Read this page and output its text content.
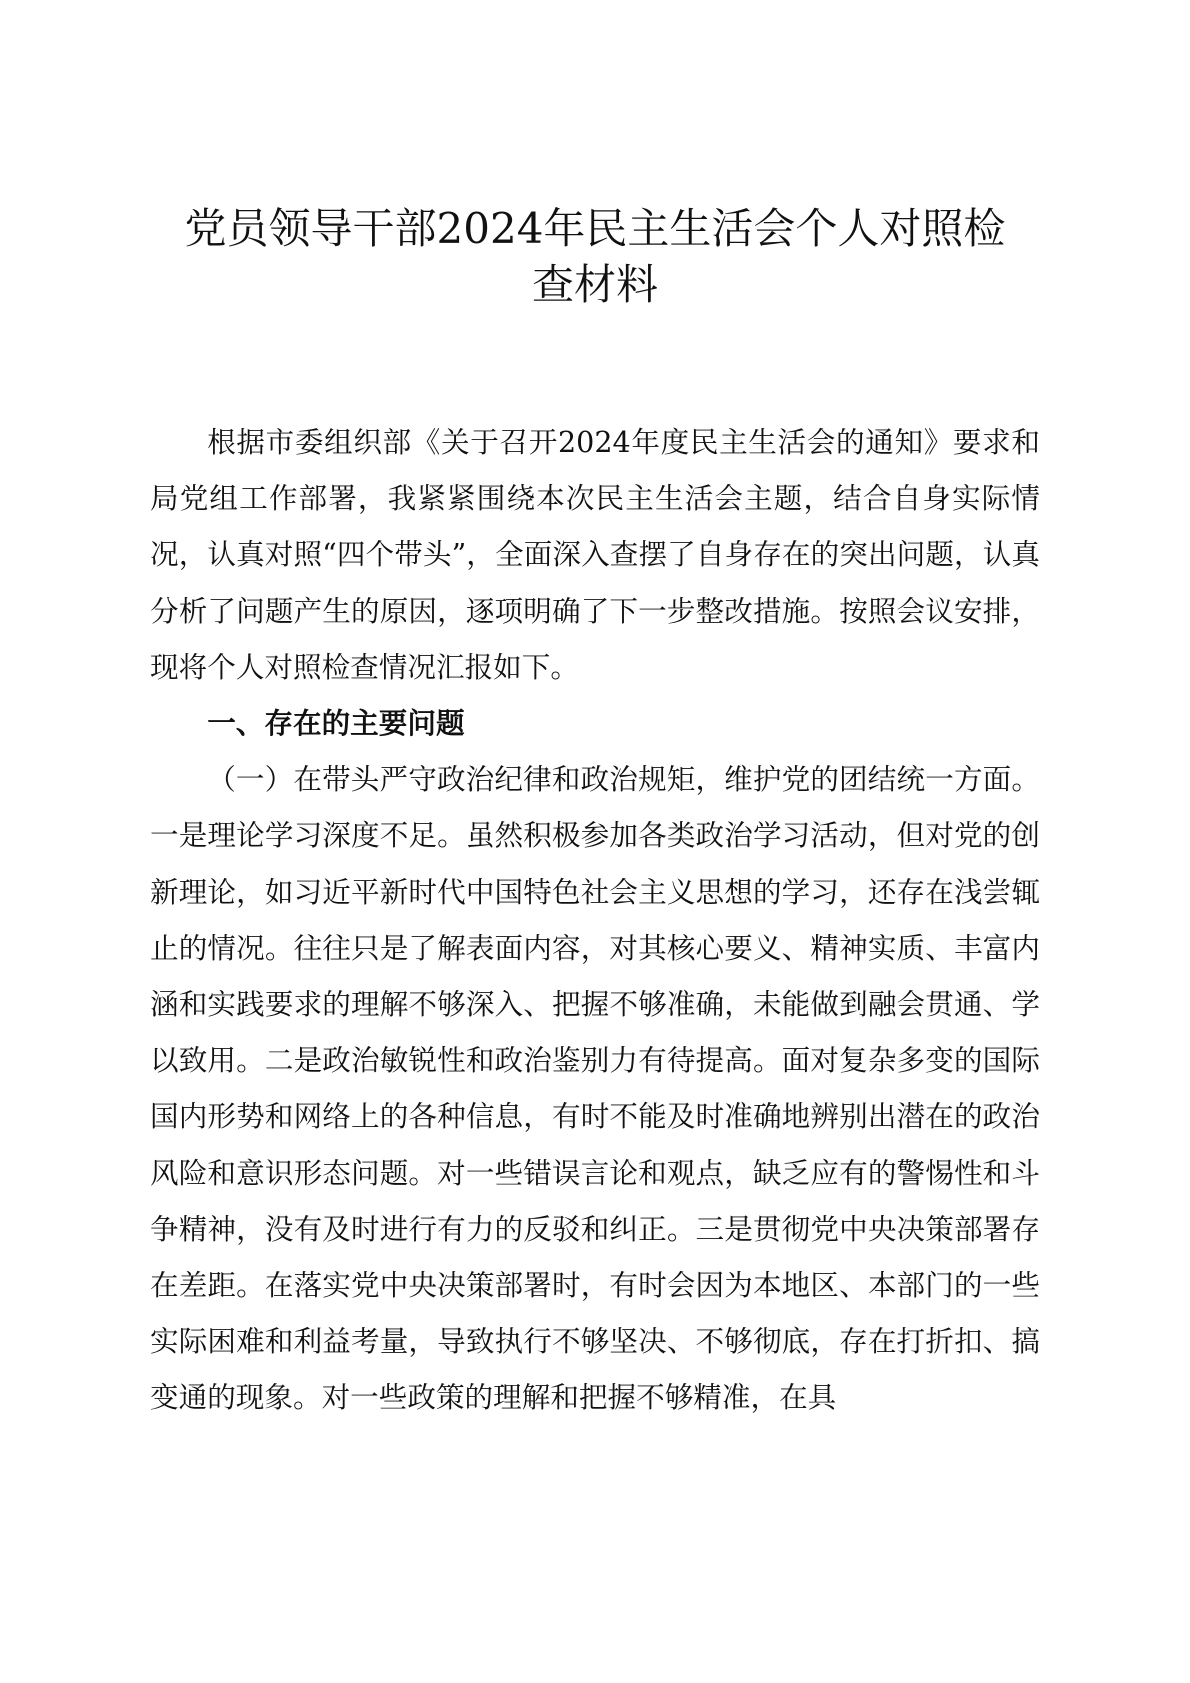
党员领导干部2024年民主生活会个人对照检
查材料

根据市委组织部《关于召开2024年度民主生活会的通知》要求和局党组工作部署，我紧紧围绕本次民主生活会主题，结合自身实际情况，认真对照“四个带头”，全面深入查摆了自身存在的突出问题，认真分析了问题产生的原因，逐项明确了下一步整改措施。按照会议安排，现将个人对照检查情况汇报如下。

一、存在的主要问题

（一）在带头严守政治纪律和政治规矩，维护党的团结统一方面。一是理论学习深度不足。虽然积极参加各类政治学习活动，但对党的创新理论，如习近平新时代中国特色社会主义思想的学习，还存在浅尝辄止的情况。往往只是了解表面内容，对其核心要义、精神实质、丰富内涵和实践要求的理解不够深入、把握不够准确，未能做到融会贯通、学以致用。二是政治敏锐性和政治鉴别力有待提高。面对复杂多变的国际国内形势和网络上的各种信息，有时不能及时准确地辨别出潜在的政治风险和意识形态问题。对一些错误言论和观点，缺乏应有的警惕性和斗争精神，没有及时进行有力的反驳和纠正。三是贯彻党中央决策部署存在差距。在落实党中央决策部署时，有时会因为本地区、本部门的一些实际困难和利益考量，导致执行不够坚决、不够彻底，存在打折扣、搞变通的现象。对一些政策的理解和把握不够精准，在具
